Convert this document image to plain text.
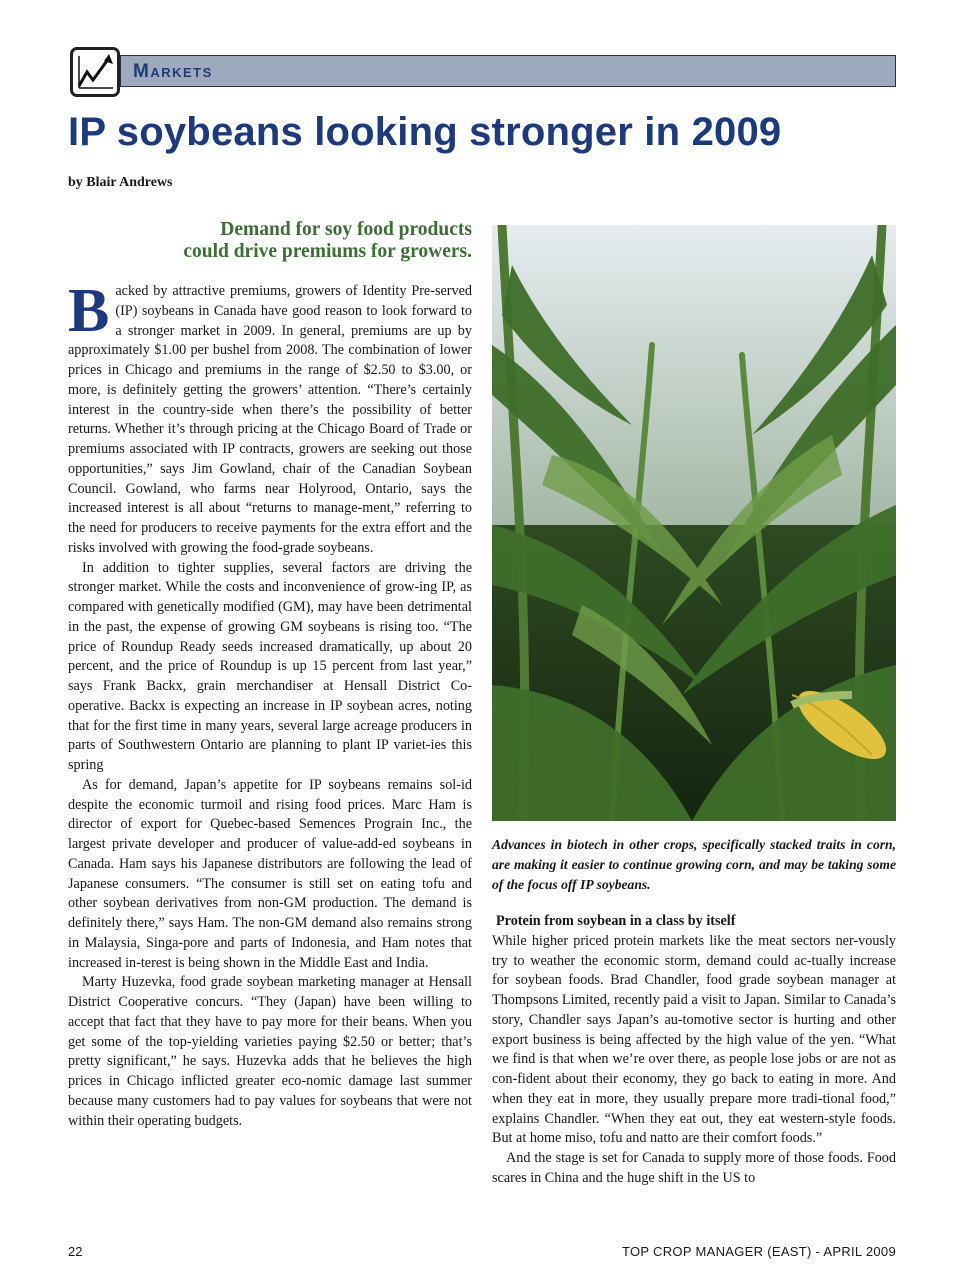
Markets
IP soybeans looking stronger in 2009
by Blair Andrews
Demand for soy food products
could drive premiums for growers.

Backed by attractive premiums, growers of Identity Pre-served (IP) soybeans in Canada have good reason to look forward to a stronger market in 2009. In general, premiums are up by approximately $1.00 per bushel from 2008. The combination of lower prices in Chicago and premiums in the range of $2.50 to $3.00, or more, is definitely getting the growers’ attention. “There’s certainly interest in the country-side when there’s the possibility of better returns. Whether it’s through pricing at the Chicago Board of Trade or premiums associated with IP contracts, growers are seeking out those opportunities,” says Jim Gowland, chair of the Canadian Soybean Council. Gowland, who farms near Holyrood, Ontario, says the increased interest is all about “returns to manage-ment,” referring to the need for producers to receive payments for the extra effort and the risks involved with growing the food-grade soybeans.

In addition to tighter supplies, several factors are driving the stronger market. While the costs and inconvenience of grow-ing IP, as compared with genetically modified (GM), may have been detrimental in the past, the expense of growing GM soybeans is rising too. “The price of Roundup Ready seeds increased dramatically, up about 20 percent, and the price of Roundup is up 15 percent from last year,” says Frank Backx, grain merchandiser at Hensall District Co-operative. Backx is expecting an increase in IP soybean acres, noting that for the first time in many years, several large acreage producers in parts of Southwestern Ontario are planning to plant IP variet-ies this spring

As for demand, Japan’s appetite for IP soybeans remains sol-id despite the economic turmoil and rising food prices. Marc Ham is director of export for Quebec-based Semences Prograin Inc., the largest private developer and producer of value-add-ed soybeans in Canada. Ham says his Japanese distributors are following the lead of Japanese consumers. “The consumer is still set on eating tofu and other soybean derivatives from non-GM production. The demand is definitely there,” says Ham. The non-GM demand also remains strong in Malaysia, Singa-pore and parts of Indonesia, and Ham notes that increased in-terest is being shown in the Middle East and India.

Marty Huzevka, food grade soybean marketing manager at Hensall District Cooperative concurs. “They (Japan) have been willing to accept that fact that they have to pay more for their beans. When you get some of the top-yielding varieties paying $2.50 or better; that’s pretty significant,” he says. Huzevka adds that he believes the high prices in Chicago inflicted greater eco-nomic damage last summer because many customers had to pay values for soybeans that were not within their operating budgets.

Advances in biotech in other crops, specifically stacked traits in corn, are making it easier to continue growing corn, and may be taking some of the focus off IP soybeans.

Protein from soybean in a class by itself

While higher priced protein markets like the meat sectors ner-vously try to weather the economic storm, demand could ac-tually increase for soybean foods. Brad Chandler, food grade soybean manager at Thompsons Limited, recently paid a visit to Japan. Similar to Canada’s story, Chandler says Japan’s au-tomotive sector is hurting and other export business is being affected by the high value of the yen. “What we find is that when we’re over there, as people lose jobs or are not as con-fident about their economy, they go back to eating in more. And when they eat in more, they usually prepare more tradi-tional food,” explains Chandler. “When they eat out, they eat western-style foods. But at home miso, tofu and natto are their comfort foods.”

And the stage is set for Canada to supply more of those foods. Food scares in China and the huge shift in the US to

22	TOP CROP MANAGER (EAST) - APRIL 2009
